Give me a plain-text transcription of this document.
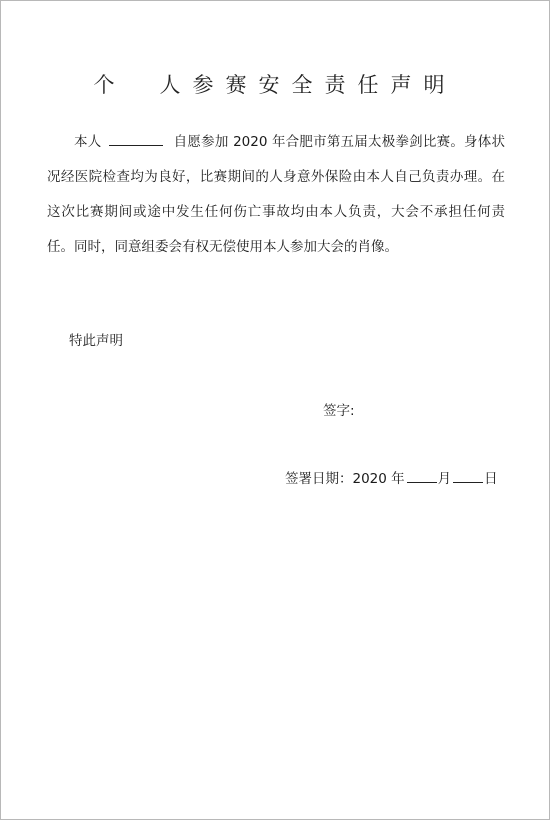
个　人参赛安全责任声明
本人	自愿参加 2020 年合肥市第五届太极拳剑比赛。身体状况经医院检查均为良好，比赛期间的人身意外保险由本人自己负责办理。在这次比赛期间或途中发生任何伤亡事故均由本人负责，大会不承担任何责任。同时，同意组委会有权无偿使用本人参加大会的肖像。
特此声明
签字:
签署日期：2020 年 月 日
